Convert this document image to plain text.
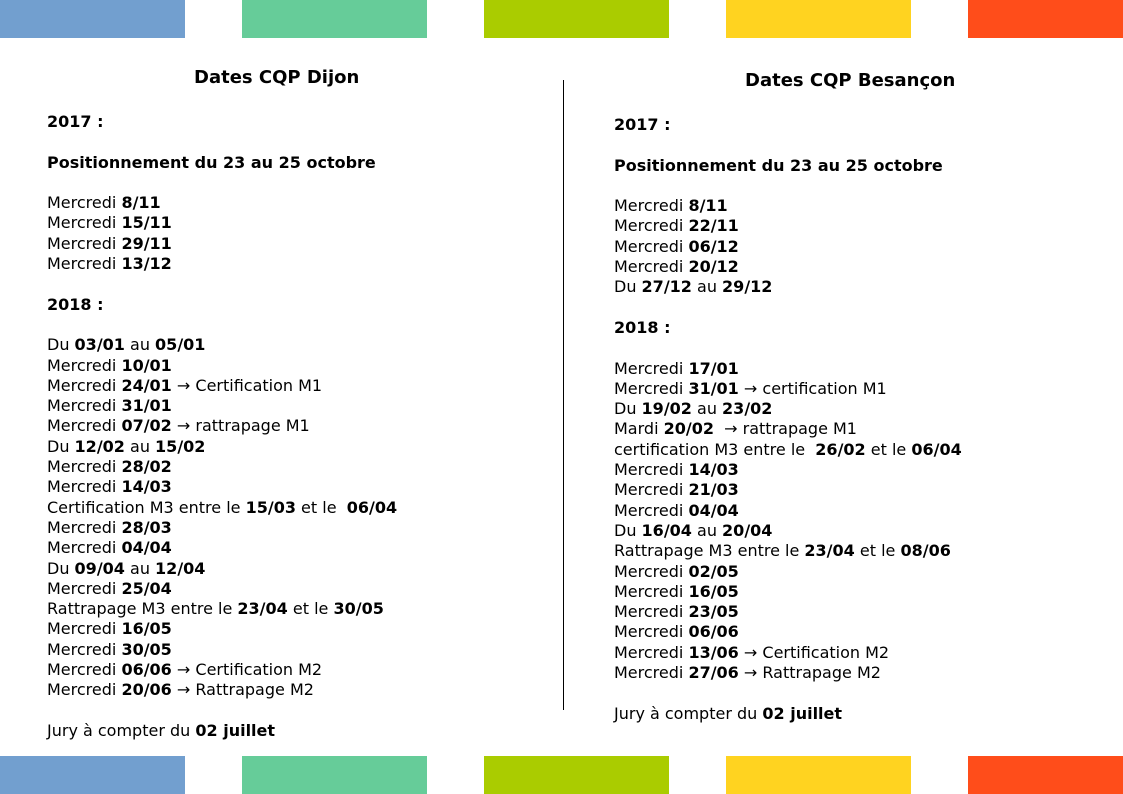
Dates CQP Dijon
2017 :
Positionnement du 23 au 25 octobre
Mercredi 8/11
Mercredi 15/11
Mercredi 29/11
Mercredi 13/12
2018 :
Du 03/01 au 05/01
Mercredi 10/01
Mercredi 24/01 → Certification M1
Mercredi 31/01
Mercredi 07/02 → rattrapage M1
Du 12/02 au 15/02
Mercredi 28/02
Mercredi 14/03
Certification M3 entre le 15/03 et le  06/04
Mercredi 28/03
Mercredi 04/04
Du 09/04 au 12/04
Mercredi 25/04
Rattrapage M3 entre le 23/04 et le 30/05
Mercredi 16/05
Mercredi 30/05
Mercredi 06/06 → Certification M2
Mercredi 20/06 → Rattrapage M2
Jury à compter du 02 juillet
Dates CQP Besançon
2017 :
Positionnement du 23 au 25 octobre
Mercredi 8/11
Mercredi 22/11
Mercredi 06/12
Mercredi 20/12
Du 27/12 au 29/12
2018 :
Mercredi 17/01
Mercredi 31/01 → certification M1
Du 19/02 au 23/02
Mardi 20/02  → rattrapage M1
certification M3 entre le  26/02 et le 06/04
Mercredi 14/03
Mercredi 21/03
Mercredi 04/04
Du 16/04 au 20/04
Rattrapage M3 entre le 23/04 et le 08/06
Mercredi 02/05
Mercredi 16/05
Mercredi 23/05
Mercredi 06/06
Mercredi 13/06 → Certification M2
Mercredi 27/06 → Rattrapage M2
Jury à compter du 02 juillet
